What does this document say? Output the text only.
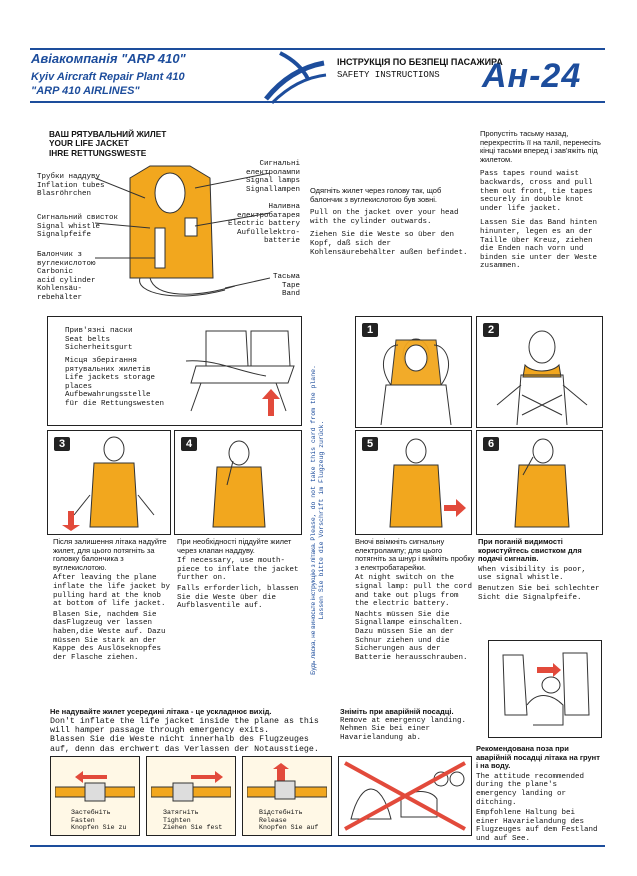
Авіакомпанія "ARP 410"
Kyiv Aircraft Repair Plant 410
"ARP 410 AIRLINES"
ІНСТРУКЦІЯ ПО БЕЗПЕЦІ ПАСАЖИРА
SAFETY INSTRUCTIONS Ан-24
ВАШ РЯТУВАЛЬНИЙ ЖИЛЕТ
YOUR LIFE JACKET
IHRE RETTUNGSWESTE
Трубки наддуву
Inflation tubes
Blasröhrchen
Сигнальний свисток
Signal whistle
Signalpfeife
Балончик з
вуглекислотою
Carbonic
acid cylinder
Kohlensäu-
rebehälter
Сигнальні
електролампи
Signal lamps
Signallampen
Наливна
електробатарея
Electric battery
Aufüllelektro-
batterie
Тасьма
Tape
Band
Одягніть жилет через голову так, щоб балончик з вуглекислотою був зовні.
Pull on the jacket over your head with the cylinder outwards.
Ziehen Sie die Weste so über den Kopf, daß sich der Kohlensäurebehälter außen befindet.
Пропустіть тасьму назад, перехрестіть її на талії, перенесіть кінці тасьми вперед і зав'яжіть під жилетом.
Pass tapes round waist backwards, cross and pull them out front, tie tapes securely in double knot under life jacket.
Lassen Sie das Band hinten hinunter, legen es an der Taille über Kreuz, ziehen die Enden nach vorn und binden sie unter der Weste zusammen.
Прив'язні паски
Seat belts
Sicherheitsgurt
Місця зберігання
рятувальних жилетів
Life jackets storage
places
Aufbewahrungsstelle
für die Rettungswesten
Будь ласка, не виносьте інструкцію з літака. Please, do not take this card from the plane.
Lassen Sie bitte die Vorschrift im Flugzeug zurück.
1	2
3	4	5	6
Після залишення літака надуйте жилет, для цього потягніть за головку балончика з вуглекислотою.
After leaving the plane inflate the life jacket by pulling hard at the knob at bottom of life jacket.
Blasen Sie, nachdem Sie dasFlugzeug ver lassen haben,die Weste auf. Dazu müssen Sie stark an der Kappe des Auslöseknopfes der Flasche ziehen.
При необхідності піддуйте жилет через клапан наддуву.
If necessary, use mouth-piece to inflate the jacket further on.
Falls erforderlich, blassen Sie die Weste über die Aufblasventile auf.
Вночі ввімкніть сигнальну електролампу; для цього потягніть за шнур і вийміть пробку з електробатарейки.
At night switch on the signal lamp: pull the cord and take out plugs from the electric battery.
Nachts müssen Sie die Signallampe einschalten. Dazu müssen Sie an der Schnur ziehen und die Sicherungen aus der Batterie herausschrauben.
При поганій видимості користуйтесь свистком для подачі сигналів.
When visibility is poor, use signal whistle.
Benutzen Sie bei schlechter Sicht die Signalpfeife.
Рекомендована поза при аварійній посадці літака на грунт і на воду.
The attitude recommended during the plane's emergency landing or ditching.
Empfohlene Haltung bei einer Havarielandung des Flugzeuges auf dem Festland und auf See.
Не надувайте жилет усередині літака - це ускладнює вихід.
Don't inflate the life jacket inside the plane as this will hamper passage through emergency exits.
Blassen Sie die Weste nicht innerhalb des Flugzeuges auf, denn das erchwert das Verlassen der Notausstiege.
Зніміть при аварійній посадці.
Remove at emergency landing.
Nehmen Sie bei einer Havarielandung ab.
Застебніть
Fasten
Knopfen Sie zu
Затягніть
Tighten
Ziehen Sie fest
Відстебніть
Release
Knopfen Sie auf
